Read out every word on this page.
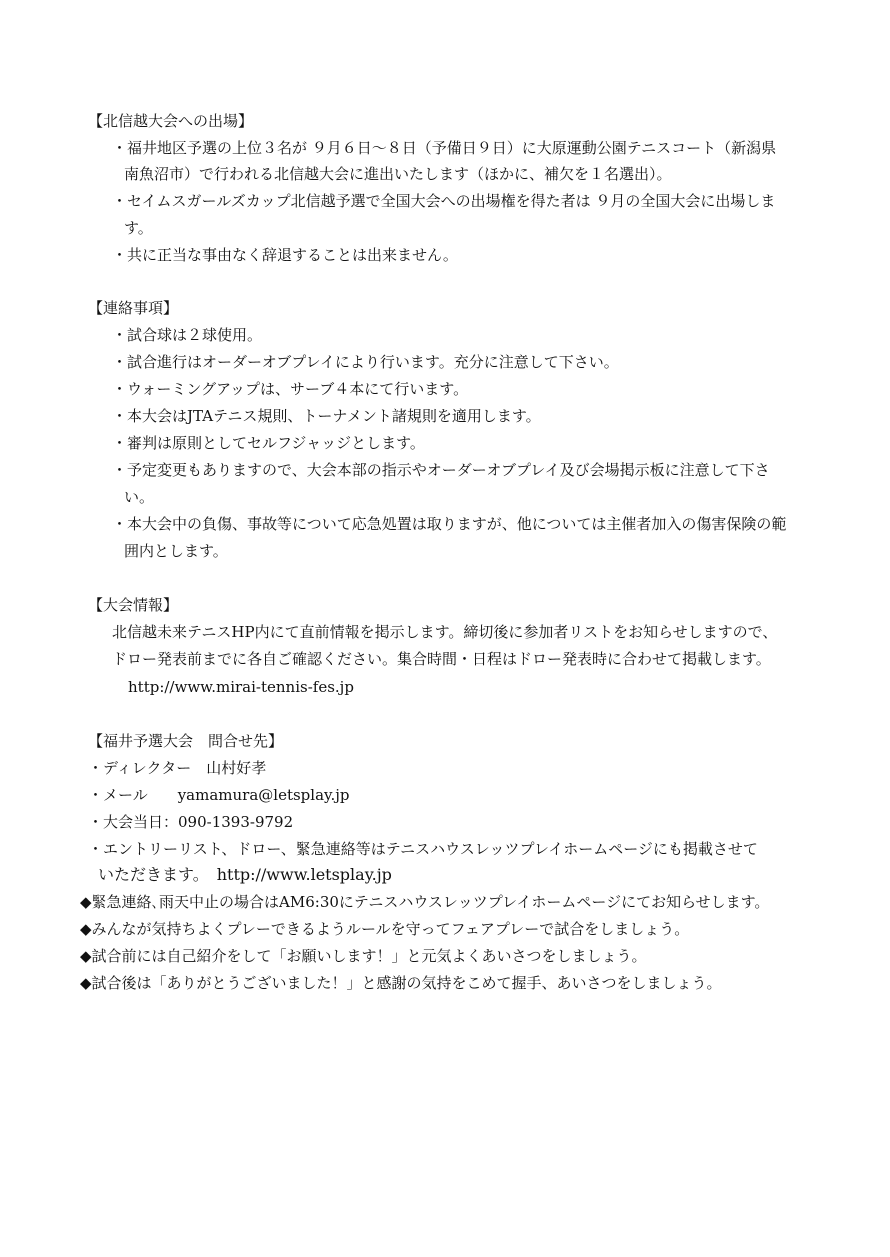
【北信越大会への出場】
・福井地区予選の上位３名が ９月６日～８日（予備日９日）に大原運動公園テニスコート（新潟県
南魚沼市）で行われる北信越大会に進出いたします（ほかに、補欠を１名選出）。
・セイムスガールズカップ北信越予選で全国大会への出場権を得た者は ９月の全国大会に出場しま
す。
・共に正当な事由なく辞退することは出来ません。
【連絡事項】
・試合球は２球使用。
・試合進行はオーダーオブプレイにより行います。充分に注意して下さい。
・ウォーミングアップは、サーブ４本にて行います。
・本大会はJTAテニス規則、トーナメント諸規則を適用します。
・審判は原則としてセルフジャッジとします。
・予定変更もありますので、大会本部の指示やオーダーオブプレイ及び会場掲示板に注意して下さ
い。
・本大会中の負傷、事故等について応急処置は取りますが、他については主催者加入の傷害保険の範
囲内とします。
【大会情報】
北信越未来テニスHP内にて直前情報を掲示します。締切後に参加者リストをお知らせしますので、
ドロー発表前までに各自ご確認ください。集合時間・日程はドロー発表時に合わせて掲載します。
http://www.mirai-tennis-fes.jp
【福井予選大会　問合せ先】
・ディレクター　山村好孝
・メール　　yamamura@letsplay.jp
・大会当日：090-1393-9792
・エントリーリスト、ドロー、緊急連絡等はテニスハウスレッツプレイホームページにも掲載させて
いただきます。　http://www.letsplay.jp
◆緊急連絡､雨天中止の場合はAM6:30にテニスハウスレッツプレイホームページにてお知らせします。
◆みんなが気持ちよくプレーできるようルールを守ってフェアプレーで試合をしましょう。
◆試合前には自己紹介をして「お願いします！」と元気よくあいさつをしましょう。
◆試合後は「ありがとうございました！」と感謝の気持をこめて握手、あいさつをしましょう。
